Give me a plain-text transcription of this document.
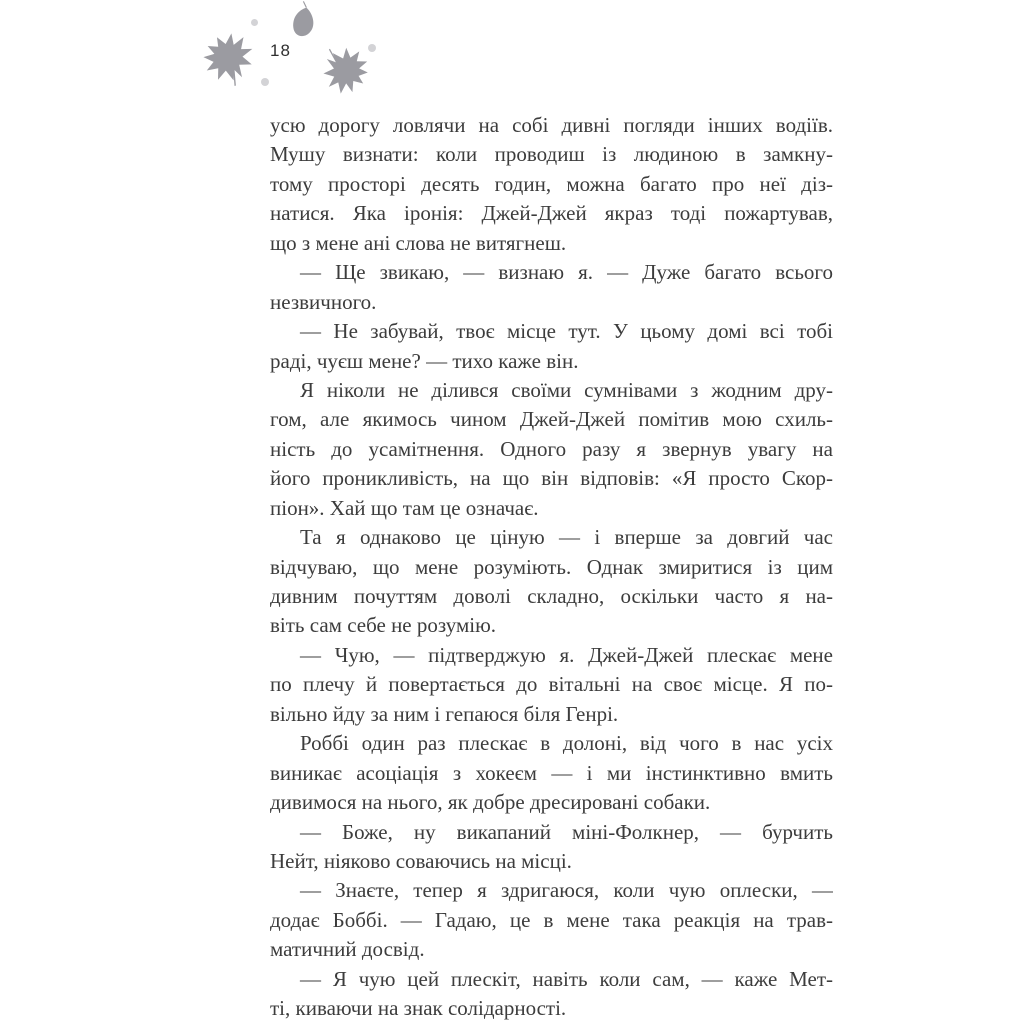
18
усю дорогу ловлячи на собі дивні погляди інших водіїв.
Мушу визнати: коли проводиш із людиною в замкну-
тому просторі десять годин, можна багато про неї діз-
натися. Яка іронія: Джей-Джей якраз тоді пожартував,
що з мене ані слова не витягнеш.
— Ще звикаю, — визнаю я. — Дуже багато всього
незвичного.
— Не забувай, твоє місце тут. У цьому домі всі тобі
раді, чуєш мене? — тихо каже він.
Я ніколи не ділився своїми сумнівами з жодним дру-
гом, але якимось чином Джей-Джей помітив мою схиль-
ність до усамітнення. Одного разу я звернув увагу на
його проникливість, на що він відповів: «Я просто Скор-
піон». Хай що там це означає.
Та я однаково це ціную — і вперше за довгий час
відчуваю, що мене розуміють. Однак змиритися із цим
дивним почуттям доволі складно, оскільки часто я на-
віть сам себе не розумію.
— Чую, — підтверджую я. Джей-Джей плескає мене
по плечу й повертається до вітальні на своє місце. Я по-
вільно йду за ним і гепаюся біля Генрі.
Роббі один раз плескає в долоні, від чого в нас усіх
виникає асоціація з хокеєм — і ми інстинктивно вмить
дивимося на нього, як добре дресировані собаки.
— Боже, ну викапаний міні-Фолкнер, — бурчить
Нейт, ніяково соваючись на місці.
— Знаєте, тепер я здригаюся, коли чую оплески, —
додає Боббі. — Гадаю, це в мене така реакція на трав-
матичний досвід.
— Я чую цей плескіт, навіть коли сам, — каже Мет-
ті, киваючи на знак солідарності.
